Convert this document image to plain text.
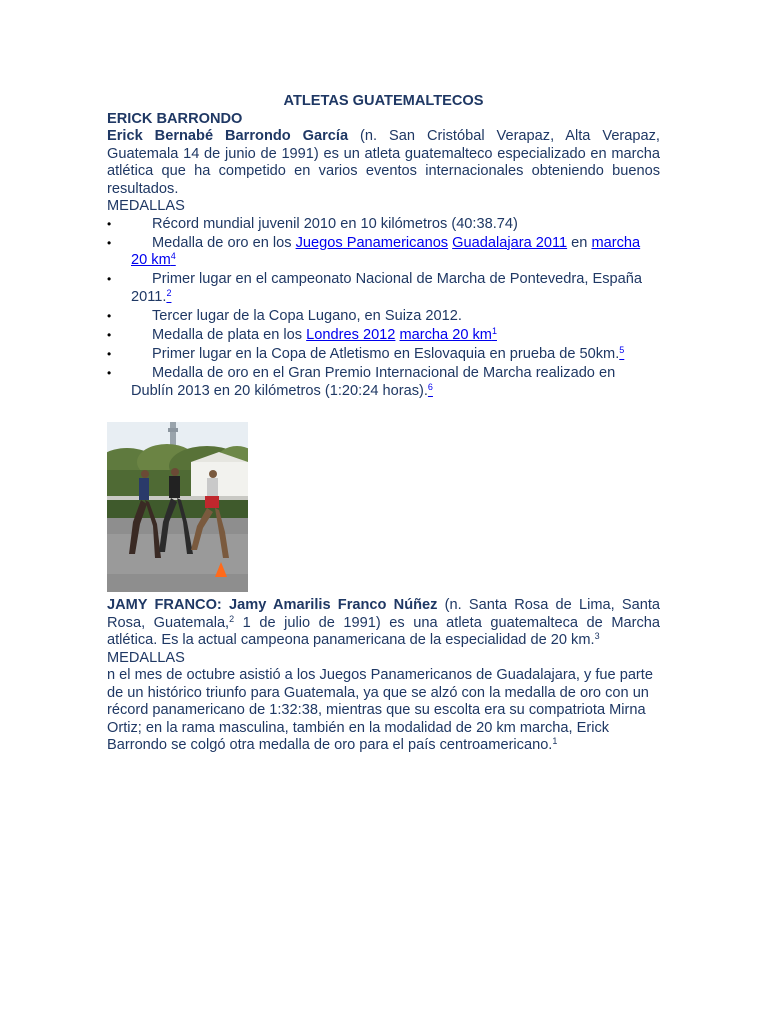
ATLETAS GUATEMALTECOS

ERICK BARRONDO

Erick Bernabé Barrondo García (n. San Cristóbal Verapaz, Alta Verapaz, Guatemala 14 de junio de 1991) es un atleta guatemalteco especializado en marcha atlética que ha competido en varios eventos internacionales obteniendo buenos resultados.

MEDALLAS

•	Récord mundial juvenil 2010 en 10 kilómetros (40:38.74)
•	Medalla de oro en los Juegos Panamericanos Guadalajara 2011 en marcha 20 $km^4$
•	Primer lugar en el campeonato Nacional de Marcha de Pontevedra, España 2011.$^2$
•	Tercer lugar de la Copa Lugano, en Suiza 2012.
•	Medalla de plata en los Londres 2012 marcha 20 $km^1$
•	Primer lugar en la Copa de Atletismo en Eslovaquia en prueba de 50km.$^5$
•	Medalla de oro en el Gran Premio Internacional de Marcha realizado en Dublín 2013 en 20 kilómetros (1:20:24 horas).$^6$

JAMY FRANCO: Jamy Amarilis Franco Núñez (n. Santa Rosa de Lima, Santa Rosa, Guatemala,$^2$ 1 de julio de 1991) es una atleta guatemalteca de Marcha atlética. Es la actual campeona panamericana de la especialidad de 20 km.$^3$

MEDALLAS

n el mes de octubre asistió a los Juegos Panamericanos de Guadalajara, y fue parte de un histórico triunfo para Guatemala, ya que se alzó con la medalla de oro con un récord panamericano de 1:32:38, mientras que su escolta era su compatriota Mirna Ortiz; en la rama masculina, también en la modalidad de 20 km marcha, Erick Barrondo se colgó otra medalla de oro para el país centroamericano.$^1$
